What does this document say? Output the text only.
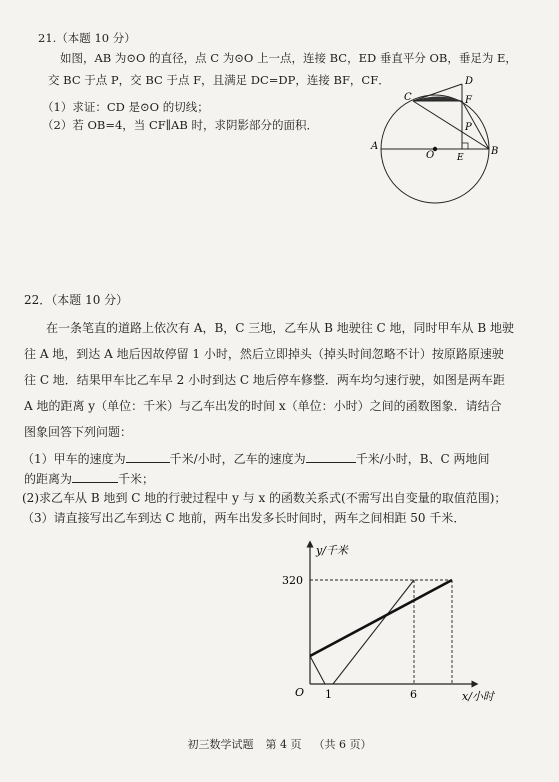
21.（本题 10 分）
如图，AB 为⊙O 的直径，点 C 为⊙O 上一点，连接 BC，ED 垂直平分 OB，垂足为 E，
交 BC 于点 P，交 BC 于点 F，且满足 DC=DP，连接 BF，CF．
（1）求证：CD 是⊙O 的切线；
（2）若 OB=4，当 CF∥AB 时，求阴影部分的面积．
C
D
F
P
A
O	E
B
22．（本题 10 分）
在一条笔直的道路上依次有 A，B，C 三地，乙车从 B 地驶往 C 地，同时甲车从 B 地驶
往 A 地，到达 A 地后因故停留 1 小时，然后立即掉头（掉头时间忽略不计）按原路原速驶
往 C 地．结果甲车比乙车早 2 小时到达 C 地后停车修整．两车均匀速行驶，如图是两车距
A 地的距离 y（单位：千米）与乙车出发的时间 x（单位：小时）之间的函数图象．请结合
图象回答下列问题：
（1）甲车的速度为	千米/小时，乙车的速度为	千米/小时，B、C 两地间
的距离为	千米；
(2)求乙车从 B 地到 C 地的行驶过程中 y 与 x 的函数关系式(不需写出自变量的取值范围)；
（3）请直接写出乙车到达 C 地前，两车出发多长时间时，两车之间相距 50 千米．
y/千米
x/小时
O
320
1	6
初三数学试题 第 4 页 （共 6 页）
